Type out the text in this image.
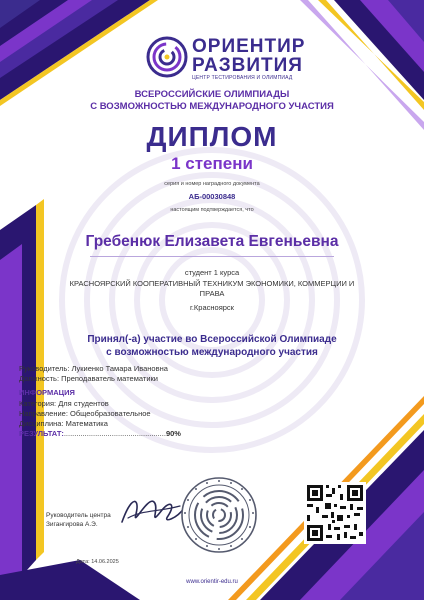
ОРИЕНТИР
РАЗВИТИЯ
ЦЕНТР ТЕСТИРОВАНИЯ И ОЛИМПИАД
ВСЕРОССИЙСКИЕ ОЛИМПИАДЫ
С ВОЗМОЖНОСТЬЮ МЕЖДУНАРОДНОГО УЧАСТИЯ
ДИПЛОМ
1 степени
серия и номер наградного документа
АБ-00030848
настоящим подтверждается, что
Гребенюк Елизавета Евгеньевна
студент 1 курса
КРАСНОЯРСКИЙ КООПЕРАТИВНЫЙ ТЕХНИКУМ ЭКОНОМИКИ, КОММЕРЦИИ И
ПРАВА
г.Красноярск
Принял(-а) участие во Всероссийской Олимпиаде
с возможностью международного участия
Руководитель: Лукиенко Тамара Ивановна
Должность: Преподаватель математики
ИНФОРМАЦИЯ
Категория: Для студентов
Направление: Общеобразовательное
Дисциплина: Математика
РЕЗУЛЬТАТ:.................................................90%
Руководитель центра
Зигангирова А.Э.
Дата: 14.06.2025
www.orientir-edu.ru
